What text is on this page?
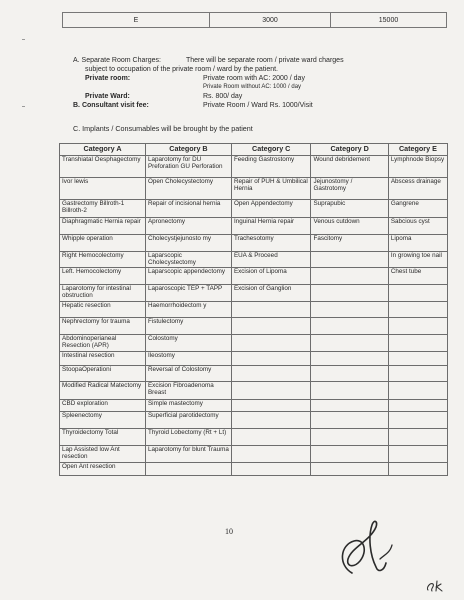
E	3000	15000
A. Separate Room Charges:	There will be separate room / private ward charges
subject to occupation of the private room / ward by the patient.
Private room:	Private room with AC: 2000 / day
Private Room without AC: 1000 / day
Private Ward:	Rs. 800/ day
B. Consultant visit fee:	Private Room / Ward Rs. 1000/Visit
C. Implants / Consumables will be brought by the patient
Category A	Category B	Category C	Category D	Category E
Transhiatal Oesphagectomy	Laparotomy for DU Preforation GU Perforation	Feeding Gastrostomy	Wound debridement	Lymphnode Biopsy
Ivor lewis	Open Cholecystectomy	Repair of PUH & Umbilical Hernia	Jejunostomy / Gastrotomy	Abscess drainage
Gastrectomy Billroth-1 Billroth-2	Repair of incisional hernia	Open Appendectomy	Suprapubic	Gangrene
Diaphragmatic Hernia repair	Apronectomy	Inguinal Hernia repair	Venous cutdown	Sabcious cyst
Whipple operation	Cholecystjejunosto my	Trachesotomy	Fascitomy	Lipoma
Right Hemocolectomy	Laparscopic Cholecystectomy	EUA & Proceed		In growing toe nail
Left. Hemocolectomy	Laparscopic appendectomy	Excision of Lipoma		Chest tube
Laparotomy for intestinal obstruction	Laparoscopic TEP + TAPP	Excision of Ganglion		
Hepatic resection	Haemorrhoidectom y			
Nephrectomy for trauma	Fistulectomy			
Abdominoperianeal Resection (APR)	Colostomy			
Intestinal resection	Ileostomy			
StoopaOperationi	Reversal of Colostomy			
Modified Radical Matectomy	Excision Fibroadenoma Breast			
CBD exploration	Simple mastectomy			
Spleenectomy	Superficial parotidectomy			
Thyroidectomy Total	Thyroid Lobectomy (Rt + Lt)			
Lap Assisted low Ant resection	Laparotomy for blunt Trauma			
Open Ant resection				
10
